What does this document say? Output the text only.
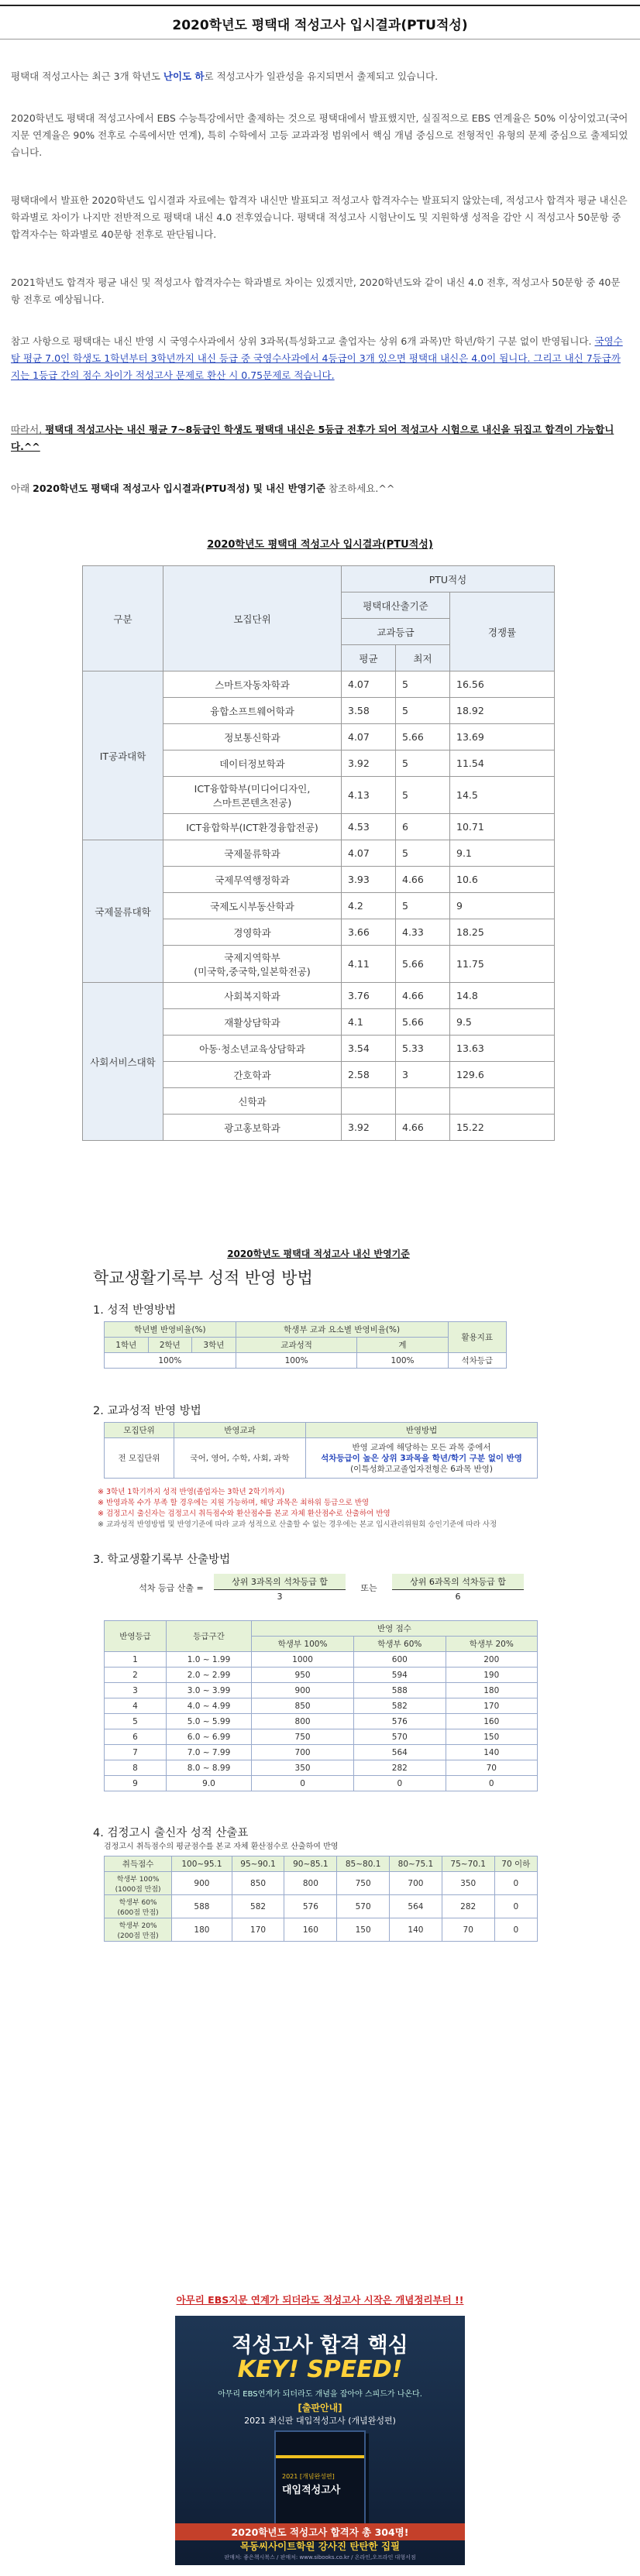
2020학년도 평택대 적성고사 입시결과(PTU적성)
평택대 적성고사는 최근 3개 학년도 난이도 하로 적성고사가 일관성을 유지되면서 출제되고 있습니다.
2020학년도 평택대 적성고사에서 EBS 수능특강에서만 출제하는 것으로 평택대에서 발표했지만, 실질적으로 EBS 연계율은 50% 이상이었고(국어 지문 연계율은 90% 전후로 수록에서만 연계), 특히 수학에서 고등 교과과정 범위에서 핵심 개념 중심으로 전형적인 유형의 문제 중심으로 출제되었습니다.
평택대에서 발표한 2020학년도 입시결과 자료에는 합격자 내신만 발표되고 적성고사 합격자수는 발표되지 않았는데, 적성고사 합격자 평균 내신은 학과별로 차이가 나지만 전반적으로 평택대 내신 4.0 전후였습니다. 평택대 적성고사 시험난이도 및 지원학생 성적을 감안 시 적성고사 50문항 중 합격자수는 학과별로 40문항 전후로 판단됩니다.
2021학년도 합격자 평균 내신 및 적성고사 합격자수는 학과별로 차이는 있겠지만, 2020학년도와 같이 내신 4.0 전후, 적성고사 50문항 중 40문항 전후로 예상됩니다.
참고 사항으로 평택대는 내신 반영 시 국영수사과에서 상위 3과목(특성화고교 출업자는 상위 6개 과목)만 학년/학기 구분 없이 반영됩니다. 국영수탐 평균 7.0인 학생도 1학년부터 3학년까지 내신 등급 중 국영수사과에서 4등급이 3개 있으면 평택대 내신은 4.0이 됩니다. 그리고 내신 7등급까지는 1등급 간의 점수 차이가 적성고사 문제로 환산 시 0.75문제로 적습니다.
따라서, 평택대 적성고사는 내신 평균 7~8등급인 학생도 평택대 내신은 5등급 전후가 되어 적성고사 시험으로 내신을 뒤집고 합격이 가능합니다.^^
아래 2020학년도 평택대 적성고사 입시결과(PTU적성) 및 내신 반영기준 참조하세요.^^
2020학년도 평택대 적성고사 입시결과(PTU적성)
구분	모집단위	PTU적성		
		평택대산출기준		경쟁률
		교과등급		
		평균	최저	
IT공과대학	스마트자동차학과	4.07	5	16.56
	융합소프트웨어학과	3.58	5	18.92
	정보통신학과	4.07	5.66	13.69
	데이터정보학과	3.92	5	11.54
	ICT융합학부(미디어디자인,
스마트콘텐츠전공)	4.13	5	14.5
	ICT융합학부(ICT환경융합전공)	4.53	6	10.71
국제물류대학	국제물류학과	4.07	5	9.1
	국제무역행정학과	3.93	4.66	10.6
	국제도시부동산학과	4.2	5	9
	경영학과	3.66	4.33	18.25
	국제지역학부
(미국학,중국학,일본학전공)	4.11	5.66	11.75
사회서비스대학	사회복지학과	3.76	4.66	14.8
	재활상담학과	4.1	5.66	9.5
	아동·청소년교육상담학과	3.54	5.33	13.63
	간호학과	2.58	3	129.6
	신학과			
	광고홍보학과	3.92	4.66	15.22
2020학년도 평택대 적성고사 내신 반영기준
학교생활기록부 성적 반영 방법
1. 성적 반영방법
학년별 반영비율(%)			학생부 교과 요소별 반영비율(%)		활용지표
1학년	2학년	3학년	교과성적	계	
100%			100%	100%	석차등급
2. 교과성적 반영 방법
모집단위	반영교과	반영방법
전 모집단위	국어, 영어, 수학, 사회, 과학	반영 교과에 해당하는 모든 과목 중에서
석차등급이 높은 상위 3과목을 학년/학기 구분 없이 반영
(이특성화고교졸업자전형은 6과목 반영)
※ 3학년 1학기까지 성적 반영(졸업자는 3학년 2학기까지)
※ 반영과목 수가 부족 할 경우에는 지원 가능하며, 해당 과목은 최하위 등급으로 반영
※ 검정고시 출신자는 검정고시 취득점수와 환산점수를 본교 자체 환산점수로 산출하여 반영
※ 교과성적 반영방법 및 반영기준에 따라 교과 성적으로 산출할 수 없는 경우에는 본교 입시관리위원회 승인기준에 따라 사정
3. 학교생활기록부 산출방법
석차 등급 산출 =
상위 3과목의 석차등급 합
3
또는
상위 6과목의 석차등급 합
6
반영등급	등급구간	반영 점수		
		학생부 100%	학생부 60%	학생부 20%
1	1.0 ~ 1.99	1000	600	200
2	2.0 ~ 2.99	950	594	190
3	3.0 ~ 3.99	900	588	180
4	4.0 ~ 4.99	850	582	170
5	5.0 ~ 5.99	800	576	160
6	6.0 ~ 6.99	750	570	150
7	7.0 ~ 7.99	700	564	140
8	8.0 ~ 8.99	350	282	70
9	9.0	0	0	0
4. 검정고시 출신자 성적 산출표
검정고시 취득점수의 평균점수를 본교 자체 환산점수로 산출하여 반영
취득점수	100~95.1	95~90.1	90~85.1	85~80.1	80~75.1	75~70.1	70 이하
학생부 100%
(1000점 만점)	900	850	800	750	700	350	0
학생부 60%
(600점 만점)	588	582	576	570	564	282	0
학생부 20%
(200점 만점)	180	170	160	150	140	70	0
아무리 EBS지문 연계가 되더라도 적성고사 시작은 개념정리부터 !!
적성고사 합격 핵심
KEY! SPEED!
아무리 EBS연계가 되더라도 개념을 잡아야 스피드가 나온다.
[출판안내]
2021 최신판 대입적성고사 (개념완성편)
2021 [개념완성편]
대입적성고사
2020학년도 적성고사 합격자 총 304명!
목동씨사이트학원 강사진 탄탄한 집필
판매처: 좋은책시북스 / 판매처: www.sibooks.co.kr / 온라인,오프라인 대형서점
